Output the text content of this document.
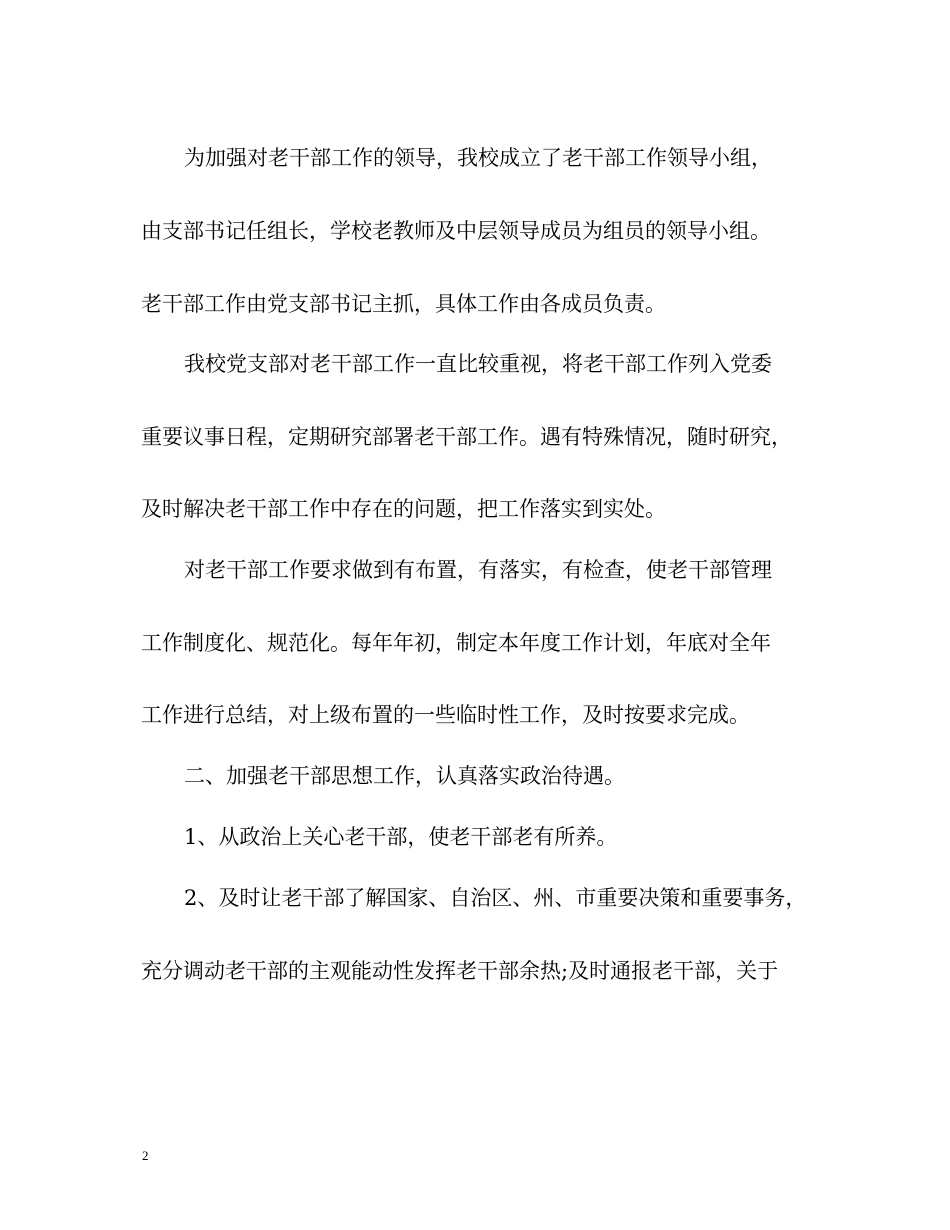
为加强对老干部工作的领导，我校成立了老干部工作领导小组，
由支部书记任组长，学校老教师及中层领导成员为组员的领导小组。
老干部工作由党支部书记主抓，具体工作由各成员负责。
我校党支部对老干部工作一直比较重视，将老干部工作列入党委
重要议事日程，定期研究部署老干部工作。遇有特殊情况，随时研究，
及时解决老干部工作中存在的问题，把工作落实到实处。
对老干部工作要求做到有布置，有落实，有检查，使老干部管理
工作制度化、规范化。每年年初，制定本年度工作计划，年底对全年
工作进行总结，对上级布置的一些临时性工作，及时按要求完成。
二、加强老干部思想工作，认真落实政治待遇。
1、从政治上关心老干部，使老干部老有所养。
2、及时让老干部了解国家、自治区、州、市重要决策和重要事务，
充分调动老干部的主观能动性发挥老干部余热;及时通报老干部，关于
2
